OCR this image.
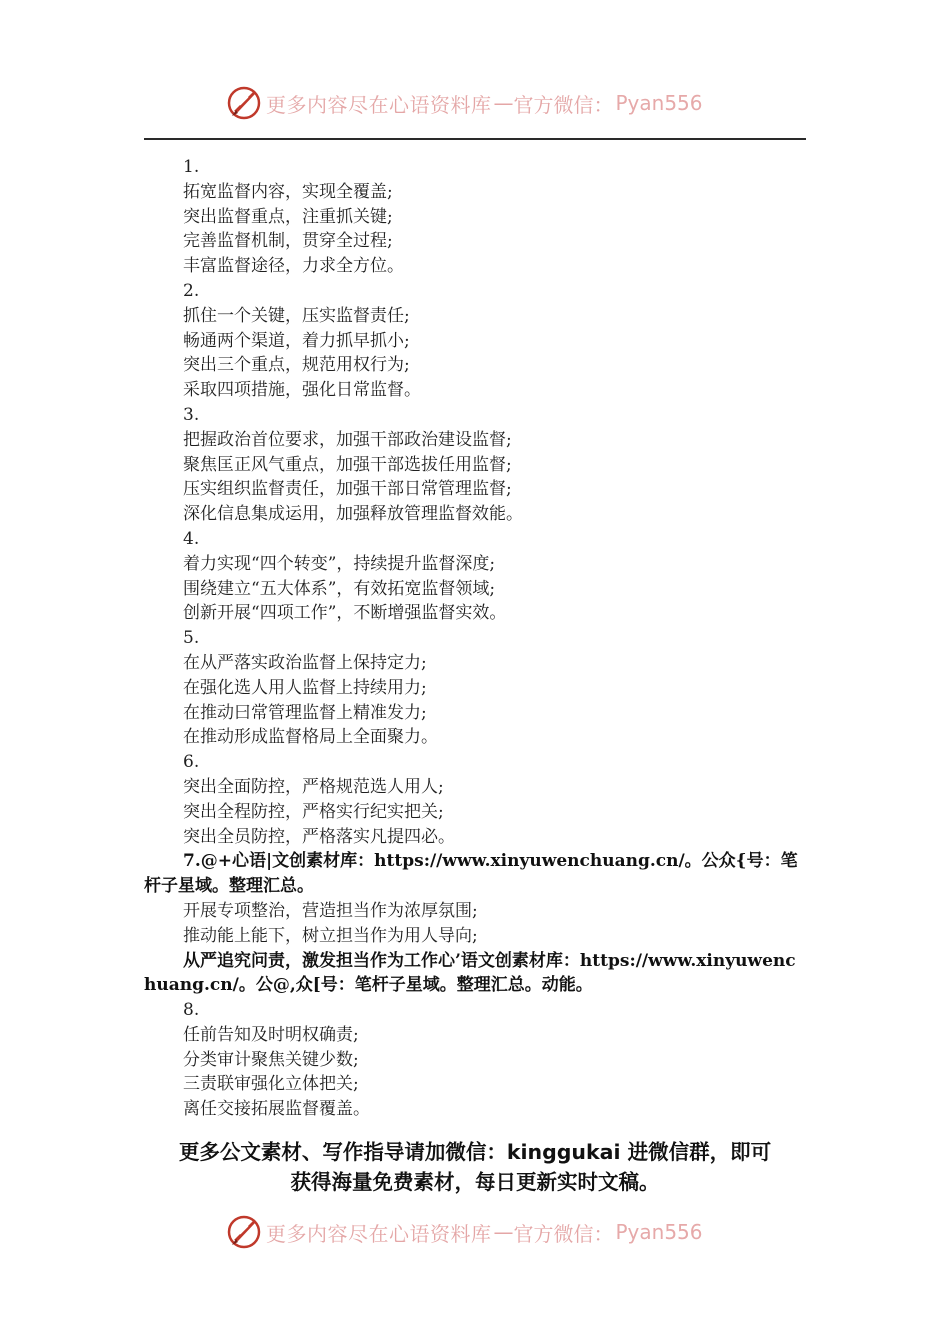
更多内容尽在心语资料库 — 官方微信： Pyan556
1.
拓宽监督内容，实现全覆盖;
突出监督重点，注重抓关键;
完善监督机制，贯穿全过程;
丰富监督途径，力求全方位。
2.
抓住一个关键，压实监督责任;
畅通两个渠道，着力抓早抓小;
突出三个重点，规范用权行为;
采取四项措施，强化日常监督。
3.
把握政治首位要求，加强干部政治建设监督;
聚焦匡正风气重点，加强干部选拔任用监督;
压实组织监督责任，加强干部日常管理监督;
深化信息集成运用，加强释放管理监督效能。
4.
着力实现“四个转变”，持续提升监督深度;
围绕建立“五大体系”，有效拓宽监督领域;
创新开展“四项工作”，不断增强监督实效。
5.
在从严落实政治监督上保持定力;
在强化选人用人监督上持续用力;
在推动曰常管理监督上精准发力;
在推动形成监督格局上全面聚力。
6.
突出全面防控，严格规范选人用人;
突出全程防控，严格实行纪实把关;
突出全员防控，严格落实凡提四必。
7.@+心语|文创素材库：https://www.xinyuwenchuang.cn/。公众{号：笔杆子星域。整理汇总。
开展专项整治，营造担当作为浓厚氛围;
推动能上能下，树立担当作为用人导向;
从严追究问责，激发担当作为工作心’语文创素材库：https://www.xinyuwenchuang.cn/。公@,众[号：笔杆子星域。整理汇总。动能。
8.
任前告知及时明权确责;
分类审计聚焦关键少数;
三责联审强化立体把关;
离任交接拓展监督覆盖。
更多公文素材、写作指导请加微信：kinggukai 进微信群，即可
获得海量免费素材，每日更新实时文稿。
更多内容尽在心语资料库 — 官方微信： Pyan556
